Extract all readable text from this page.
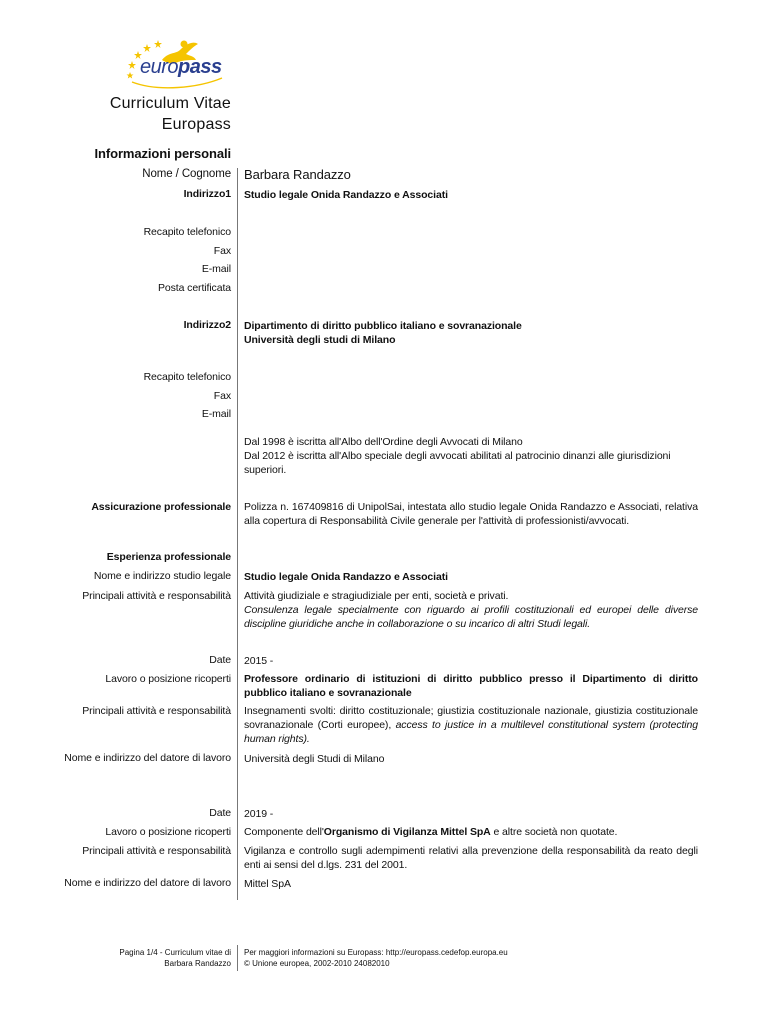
europass
Curriculum Vitae
Europass
Informazioni personali
Nome / Cognome Barbara Randazzo
Indirizzo1 Studio legale Onida Randazzo e Associati
Recapito telefonico
Fax
E-mail
Posta certificata
Indirizzo2 Dipartimento di diritto pubblico italiano e sovranazionale
Università degli studi di Milano
Recapito telefonico
Fax
E-mail
Dal 1998 è iscritta all'Albo dell'Ordine degli Avvocati di Milano
Dal 2012 è iscritta all'Albo speciale degli avvocati abilitati al patrocinio dinanzi alle giurisdizioni superiori.
Assicurazione professionale Polizza n. 167409816 di UnipolSai, intestata allo studio legale Onida Randazzo e Associati, relativa alla copertura di Responsabilità Civile generale per l'attività di professionisti/avvocati.
Esperienza professionale
Nome e indirizzo studio legale Studio legale Onida Randazzo e Associati
Principali attività e responsabilità Attività giudiziale e stragiudiziale per enti, società e privati.
Consulenza legale specialmente con riguardo ai profili costituzionali ed europei delle diverse discipline giuridiche anche in collaborazione o su incarico di altri Studi legali.
Date 2015 -
Lavoro o posizione ricoperti Professore ordinario di istituzioni di diritto pubblico presso il Dipartimento di diritto pubblico italiano e sovranazionale
Principali attività e responsabilità Insegnamenti svolti: diritto costituzionale; giustizia costituzionale nazionale, giustizia costituzionale sovranazionale (Corti europee), access to justice in a multilevel constitutional system (protecting human rights).
Nome e indirizzo del datore di lavoro Università degli Studi di Milano
Date 2019 -
Lavoro o posizione ricoperti Componente dell'Organismo di Vigilanza Mittel SpA e altre società non quotate.
Principali attività e responsabilità Vigilanza e controllo sugli adempimenti relativi alla prevenzione della responsabilità da reato degli enti ai sensi del d.lgs. 231 del 2001.
Nome e indirizzo del datore di lavoro Mittel SpA
Pagina 1/4 - Curriculum vitae di
Barbara Randazzo
Per maggiori informazioni su Europass: http://europass.cedefop.europa.eu
© Unione europea, 2002-2010 24082010
